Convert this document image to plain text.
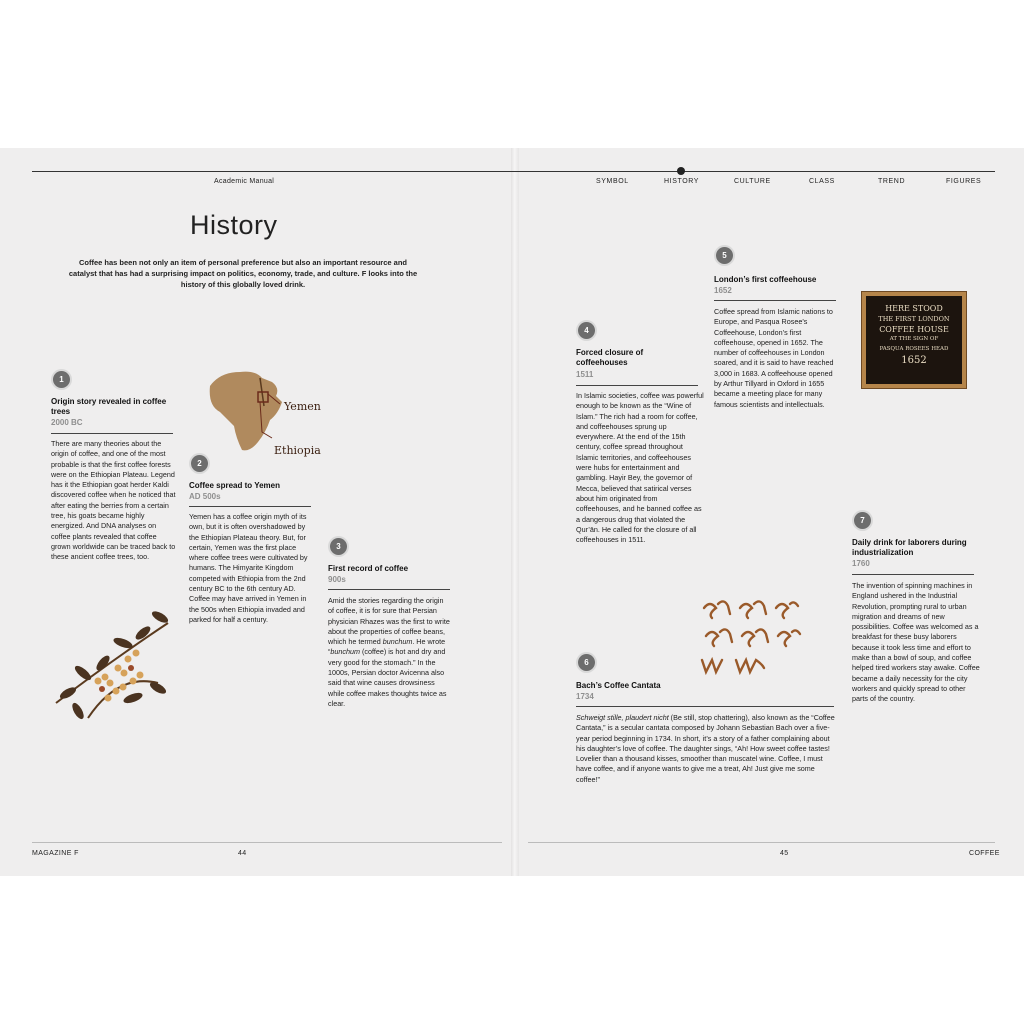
Academic Manual	SYMBOL	HISTORY	CULTURE	CLASS	TREND	FIGURES
History
Coffee has been not only an item of personal preference but also an important resource and catalyst that has had a surprising impact on politics, economy, trade, and culture. F looks into the history of this globally loved drink.
1
Origin story revealed in coffee trees
2000 BC
There are many theories about the origin of coffee, and one of the most probable is that the first coffee forests were on the Ethiopian Plateau. Legend has it the Ethiopian goat herder Kaldi discovered coffee when he noticed that after eating the berries from a certain tree, his goats became highly energized. And DNA analyses on coffee plants revealed that coffee grown worldwide can be traced back to these ancient coffee trees, too.
Yemen
Ethiopia
2
Coffee spread to Yemen
AD 500s
Yemen has a coffee origin myth of its own, but it is often overshadowed by the Ethiopian Plateau theory. But, for certain, Yemen was the first place where coffee trees were cultivated by humans. The Himyarite Kingdom competed with Ethiopia from the 2nd century BC to the 6th century AD. Coffee may have arrived in Yemen in the 500s when Ethiopia invaded and parked for half a century.
3
First record of coffee
900s
Amid the stories regarding the origin of coffee, it is for sure that Persian physician Rhazes was the first to write about the properties of coffee beans, which he termed bunchum. He wrote “bunchum (coffee) is hot and dry and very good for the stomach.” In the 1000s, Persian doctor Avicenna also said that wine causes drowsiness while coffee makes thoughts twice as clear.
4
Forced closure of coffeehouses
1511
In Islamic societies, coffee was powerful enough to be known as the “Wine of Islam.” The rich had a room for coffee, and coffeehouses sprung up everywhere. At the end of the 15th century, coffee spread throughout Islamic territories, and coffeehouses were hubs for entertainment and gambling. Hayir Bey, the governor of Mecca, believed that satirical verses about him originated from coffeehouses, and he banned coffee as a dangerous drug that violated the Qur’ān. He called for the closure of all coffeehouses in 1511.
5
London’s first coffeehouse
1652
Coffee spread from Islamic nations to Europe, and Pasqua Rosee’s Coffeehouse, London’s first coffeehouse, opened in 1652. The number of coffeehouses in London soared, and it is said to have reached 3,000 in 1683. A coffeehouse opened by Arthur Tillyard in Oxford in 1655 became a meeting place for many famous scientists and intellectuals.
HERE STOOD
THE FIRST LONDON
COFFEE HOUSE
AT THE SIGN OF
PASQUA ROSEES HEAD
1652
6
Bach’s Coffee Cantata
1734
Schweigt stille, plaudert nicht (Be still, stop chattering), also known as the “Coffee Cantata,” is a secular cantata composed by Johann Sebastian Bach over a five-year period beginning in 1734. In short, it’s a story of a father complaining about his daughter’s love of coffee. The daughter sings, “Ah! How sweet coffee tastes! Lovelier than a thousand kisses, smoother than muscatel wine. Coffee, I must have coffee, and if anyone wants to give me a treat, Ah! Just give me some coffee!”
7
Daily drink for laborers during industrialization
1760
The invention of spinning machines in England ushered in the Industrial Revolution, prompting rural to urban migration and dreams of new possibilities. Coffee was welcomed as a breakfast for these busy laborers because it took less time and effort to make than a bowl of soup, and coffee helped tired workers stay awake. Coffee became a daily necessity for the city workers and quickly spread to other parts of the country.
MAGAZINE F	44	45	COFFEE
